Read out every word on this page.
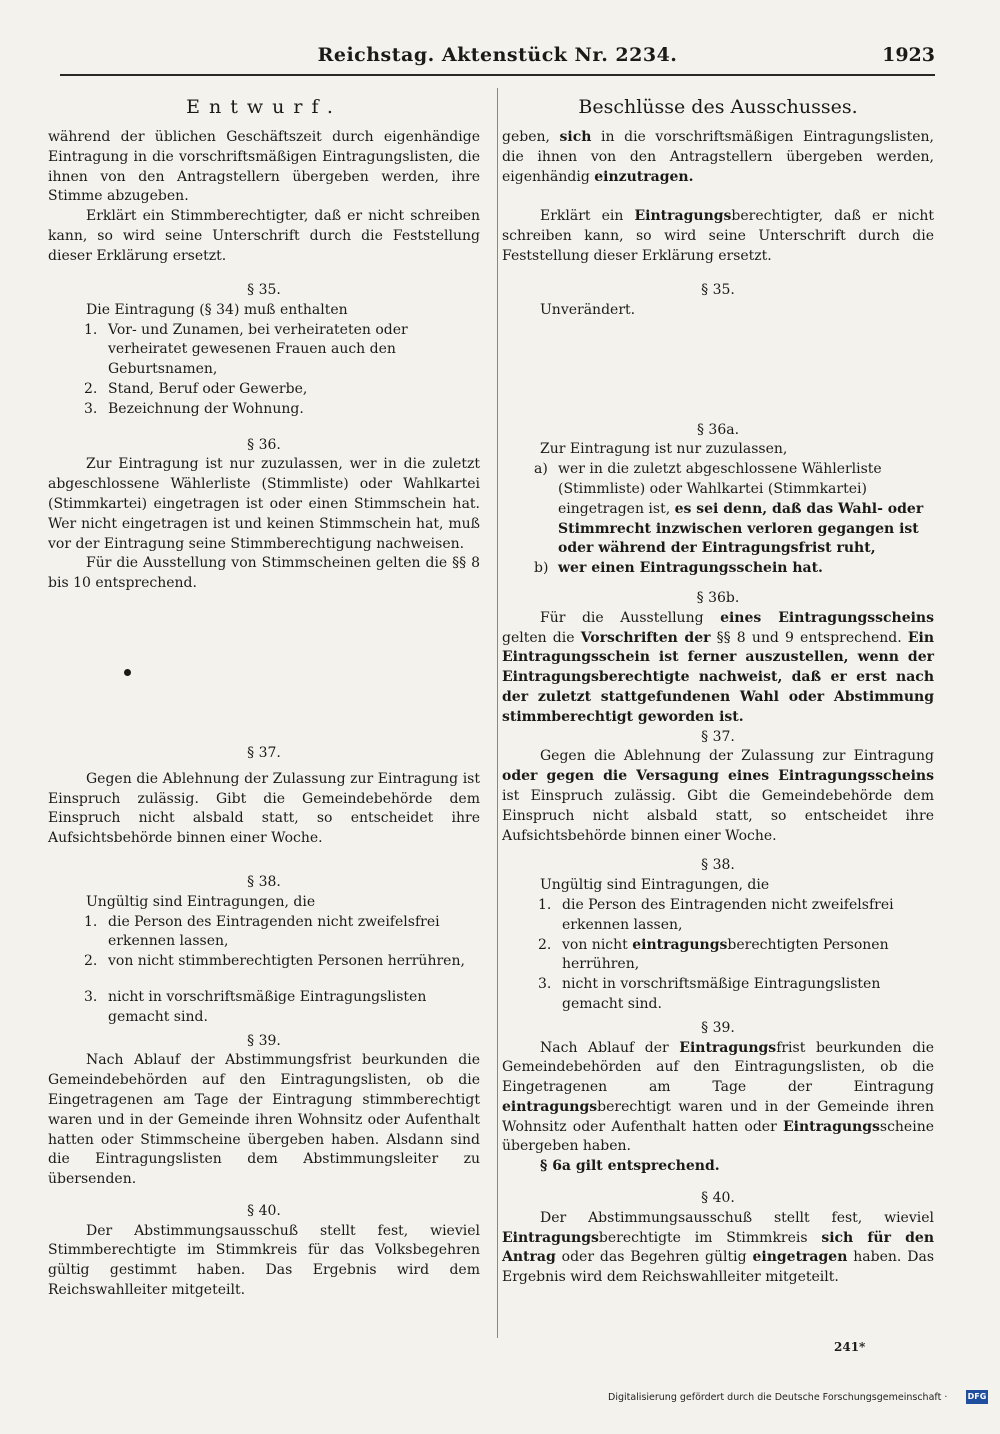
Reichstag. Aktenstück Nr. 2234.	1923
Entwurf.

während der üblichen Geschäftszeit durch eigenhändige Eintragung in die vorschriftsmäßigen Eintragungslisten, die ihnen von den Antragstellern übergeben werden, ihre Stimme abzugeben.

Erklärt ein Stimmberechtigter, daß er nicht schreiben kann, so wird seine Unterschrift durch die Feststellung dieser Erklärung ersetzt.

§ 35.

Die Eintragung (§ 34) muß enthalten

1. Vor- und Zunamen, bei verheirateten oder verheiratet gewesenen Frauen auch den Geburtsnamen,
2. Stand, Beruf oder Gewerbe,
3. Bezeichnung der Wohnung.
§ 36.

Zur Eintragung ist nur zuzulassen, wer in die zuletzt abgeschlossene Wählerliste (Stimmliste) oder Wahlkartei (Stimmkartei) eingetragen ist oder einen Stimmschein hat. Wer nicht eingetragen ist und keinen Stimmschein hat, muß vor der Eintragung seine Stimmberechtigung nachweisen.

Für die Ausstellung von Stimmscheinen gelten die §§ 8 bis 10 entsprechend.

§ 37.

Gegen die Ablehnung der Zulassung zur Eintragung ist Einspruch zulässig. Gibt die Gemeindebehörde dem Einspruch nicht alsbald statt, so entscheidet ihre Aufsichtsbehörde binnen einer Woche.

§ 38.

Ungültig sind Eintragungen, die

1. die Person des Eintragenden nicht zweifelsfrei erkennen lassen,
2. von nicht stimmberechtigten Personen herrühren,
3. nicht in vorschriftsmäßige Eintragungslisten gemacht sind.
§ 39.

Nach Ablauf der Abstimmungsfrist beurkunden die Gemeindebehörden auf den Eintragungslisten, ob die Eingetragenen am Tage der Eintragung stimmberechtigt waren und in der Gemeinde ihren Wohnsitz oder Aufenthalt hatten oder Stimmscheine übergeben haben. Alsdann sind die Eintragungslisten dem Abstimmungsleiter zu übersenden.

§ 40.

Der Abstimmungsausschuß stellt fest, wieviel Stimmberechtigte im Stimmkreis für das Volksbegehren gültig gestimmt haben. Das Ergebnis wird dem Reichswahlleiter mitgeteilt.

Beschlüsse des Ausschusses.

geben, sich in die vorschriftsmäßigen Eintragungslisten, die ihnen von den Antragstellern übergeben werden, eigenhändig einzutragen.

Erklärt ein Eintragungsberechtigter, daß er nicht schreiben kann, so wird seine Unterschrift durch die Feststellung dieser Erklärung ersetzt.

§ 35.

Unverändert.

§ 36a.

Zur Eintragung ist nur zuzulassen,

a) wer in die zuletzt abgeschlossene Wählerliste (Stimmliste) oder Wahlkartei (Stimmkartei) eingetragen ist, es sei denn, daß das Wahl- oder Stimmrecht inzwischen verloren gegangen ist oder während der Eintragungsfrist ruht,
b) wer einen Eintragungsschein hat.
§ 36b.

Für die Ausstellung eines Eintragungsscheins gelten die Vorschriften der §§ 8 und 9 entsprechend. Ein Eintragungsschein ist ferner auszustellen, wenn der Eintragungsberechtigte nachweist, daß er erst nach der zuletzt stattgefundenen Wahl oder Abstimmung stimmberechtigt geworden ist.

§ 37.

Gegen die Ablehnung der Zulassung zur Eintragung oder gegen die Versagung eines Eintragungsscheins ist Einspruch zulässig. Gibt die Gemeindebehörde dem Einspruch nicht alsbald statt, so entscheidet ihre Aufsichtsbehörde binnen einer Woche.

§ 38.

Ungültig sind Eintragungen, die

1. die Person des Eintragenden nicht zweifelsfrei erkennen lassen,
2. von nicht eintragungsberechtigten Personen herrühren,
3. nicht in vorschriftsmäßige Eintragungslisten gemacht sind.
§ 39.

Nach Ablauf der Eintragungsfrist beurkunden die Gemeindebehörden auf den Eintragungslisten, ob die Eingetragenen am Tage der Eintragung eintragungsberechtigt waren und in der Gemeinde ihren Wohnsitz oder Aufenthalt hatten oder Eintragungsscheine übergeben haben.

§ 6a gilt entsprechend.

§ 40.

Der Abstimmungsausschuß stellt fest, wieviel Eintragungsberechtigte im Stimmkreis sich für den Antrag oder das Begehren gültig eingetragen haben. Das Ergebnis wird dem Reichswahlleiter mitgeteilt.

241*
Digitalisierung gefördert durch die Deutsche Forschungsgemeinschaft ·	DFG
